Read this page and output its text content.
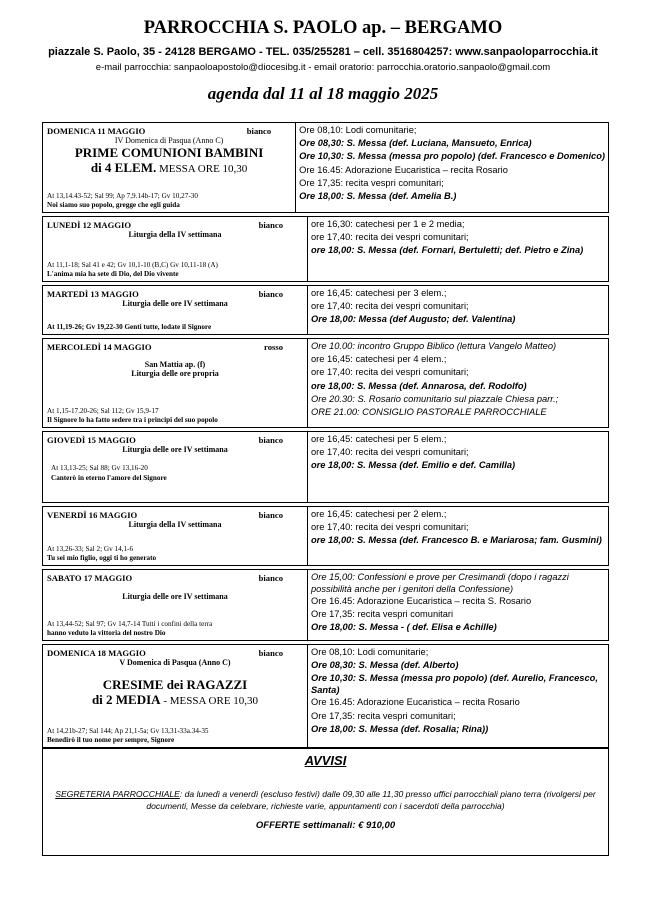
PARROCCHIA S. PAOLO ap. – BERGAMO
piazzale S. Paolo, 35 - 24128 BERGAMO - TEL. 035/255281 – cell. 3516804257: www.sanpaoloparrocchia.it
e-mail parrocchia: sanpaoloapostolo@diocesibg.it - email oratorio: parrocchia.oratorio.sanpaolo@gmail.com
agenda dal 11 al 18 maggio 2025
DOMENICA 11 MAGGIO	bianco
IV Domenica di Pasqua (Anno C)
PRIME COMUNIONI BAMBINI
di 4 ELEM. MESSA ORE 10,30
At 13,14.43-52; Sal 99; Ap 7,9.14b-17; Gv 10,27-30
Noi siamo suo popolo, gregge che egli guida
Ore 08,10: Lodi comunitarie;
Ore 08,30: S. Messa (def. Luciana, Mansueto, Enrica)
Ore 10,30: S. Messa (messa pro popolo) (def. Francesco e Domenico)
Ore 16.45: Adorazione Eucaristica – recita Rosario
Ore 17,35: recita vespri comunitari;
Ore 18,00: S. Messa (def. Amelia B.)
LUNEDÌ 12 MAGGIO	bianco
Liturgia della IV settimana
At 11,1-18; Sal 41 e 42; Gv 10,1-10 (B,C) Gv 10,11-18 (A)
L'anima mia ha sete di Dio, del Dio vivente
ore 16,30: catechesi per 1 e 2 media;
ore 17,40: recita dei vespri comunitari;
ore 18,00: S. Messa (def. Fornari, Bertuletti; def. Pietro e Zina)
MARTEDÌ 13 MAGGIO	bianco
Liturgia delle ore IV settimana
At 11,19-26; Gv 19,22-30 Genti tutte, lodate il Signore
ore 16,45: catechesi per 3 elem.;
ore 17,40: recita dei vespri comunitari;
Ore 18,00: Messa (def Augusto; def. Valentina)
MERCOLEDÌ 14 MAGGIO	rosso
San Mattia ap. (f)
Liturgia delle ore propria
At 1,15-17.20-26; Sal 112; Gv 15,9-17
Il Signore lo ha fatto sedere tra i principi del suo popolo
Ore 10.00: incontro Gruppo Biblico (lettura Vangelo Matteo)
ore 16,45: catechesi per 4 elem.;
ore 17,40: recita dei vespri comunitari;
ore 18,00: S. Messa (def. Annarosa, def. Rodolfo)
Ore 20.30: S. Rosario comunitario sul piazzale Chiesa parr.;
ORE 21.00: CONSIGLIO PASTORALE PARROCCHIALE
GIOVEDÌ 15 MAGGIO	bianco
Liturgia delle ore IV settimana
At 13,13-25; Sal 88; Gv 13,16-20
Canterò in eterno l'amore del Signore
ore 16,45: catechesi per 5 elem.;
ore 17,40: recita dei vespri comunitari;
ore 18,00: S. Messa (def. Emilio e def. Camilla)
VENERDÌ 16 MAGGIO	bianco
Liturgia della IV settimana
At 13,26-33; Sal 2; Gv 14,1-6
Tu sei mio figlio, oggi ti ho generato
ore 16,45: catechesi per 2 elem.;
ore 17,40: recita dei vespri comunitari;
ore 18,00: S. Messa (def. Francesco B. e Mariarosa; fam. Gusmini)
SABATO 17 MAGGIO	bianco
Liturgia delle ore IV settimana
At 13,44-52; Sal 97; Gv 14,7-14 Tutti i confini della terra
hanno veduto la vittoria del nostro Dio
Ore 15,00: Confessioni e prove per Cresimandi (dopo i ragazzi possibilità anche per i genitori della Confessione)
Ore 16.45: Adorazione Eucaristica – recita S. Rosario
Ore 17,35: recita vespri comunitari
Ore 18,00: S. Messa - ( def. Elisa e Achille)
DOMENICA 18 MAGGIO	bianco
V Domenica di Pasqua (Anno C)
CRESIME dei RAGAZZI
di 2 MEDIA - MESSA ORE 10,30
At 14,21b-27; Sal 144; Ap 21,1-5a; Gv 13,31-33a.34-35
Benedirò il tuo nome per sempre, Signore
Ore 08,10: Lodi comunitarie;
Ore 08,30: S. Messa (def. Alberto)
Ore 10,30: S. Messa (messa pro popolo) (def. Aurelio, Francesco, Santa)
Ore 16.45: Adorazione Eucaristica – recita Rosario
Ore 17,35: recita vespri comunitari;
Ore 18,00: S. Messa (def. Rosalia; Rina))
AVVISI
SEGRETERIA PARROCCHIALE: da lunedì a venerdì (escluso festivi) dalle 09,30 alle 11,30 presso uffici parrocchiali piano terra (rivolgersi per documenti, Messe da celebrare, richieste varie, appuntamenti con i sacerdoti della parrocchia)
OFFERTE settimanali: € 910,00
